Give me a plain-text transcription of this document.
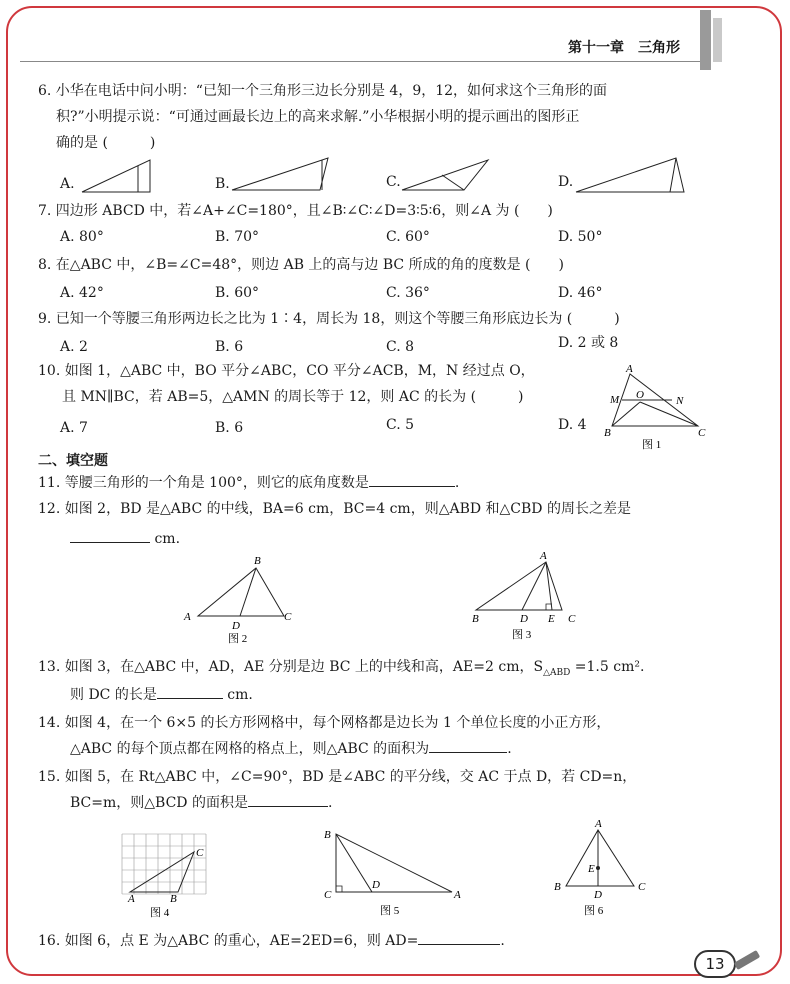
第十一章　三角形
6. 小华在电话中问小明：“已知一个三角形三边长分别是 4，9，12，如何求这个三角形的面
积?”小明提示说：“可通过画最长边上的高来求解.”小华根据小明的提示画出的图形正
确的是 (　　　)
A.	B.	C.	D.
7. 四边形 ABCD 中，若∠A+∠C=180°，且∠B∶∠C∶∠D=3∶5∶6，则∠A 为 (　　)
A. 80°	B. 70°	C. 60°	D. 50°
8. 在△ABC 中，∠B=∠C=48°，则边 AB 上的高与边 BC 所成的角的度数是 (　　)
A. 42°	B. 60°	C. 36°	D. 46°
9. 已知一个等腰三角形两边长之比为 1∶4，周长为 18，则这个等腰三角形底边长为 (　　　)
A. 2	B. 6	C. 8	D. 2 或 8
10. 如图 1，△ABC 中，BO 平分∠ABC，CO 平分∠ACB，M，N 经过点 O，
且 MN∥BC，若 AB=5，△AMN 的周长等于 12，则 AC 的长为 (　　　)
A. 7	B. 6	C. 5	D. 4
A
M O	N
B	C
图 1
二、填空题
11. 等腰三角形的一个角是 100°，则它的底角度数是	.
12. 如图 2，BD 是△ABC 的中线，BA=6 cm，BC=4 cm，则△ABD 和△CBD 的周长之差是
cm.
B
A	C
D
图 2
A
B	D E C
图 3
13. 如图 3，在△ABC 中，AD，AE 分别是边 BC 上的中线和高，AE=2 cm，$S_{\triangle ABD} =1.5$ cm².
则 DC 的长是	cm.
14. 如图 4，在一个 6×5 的长方形网格中，每个网格都是边长为 1 个单位长度的小正方形，
△ABC 的每个顶点都在网格的格点上，则△ABC 的面积为	.
15. 如图 5，在 Rt△ABC 中，∠C=90°，BD 是∠ABC 的平分线，交 AC 于点 D，若 CD=n，
BC=m，则△BCD 的面积是	.
A	B
C
图 4
B
C
D
A
图 5
A
E
B
D
C
图 6
16. 如图 6，点 E 为△ABC 的重心，AE=2ED=6，则 AD=	.
13
